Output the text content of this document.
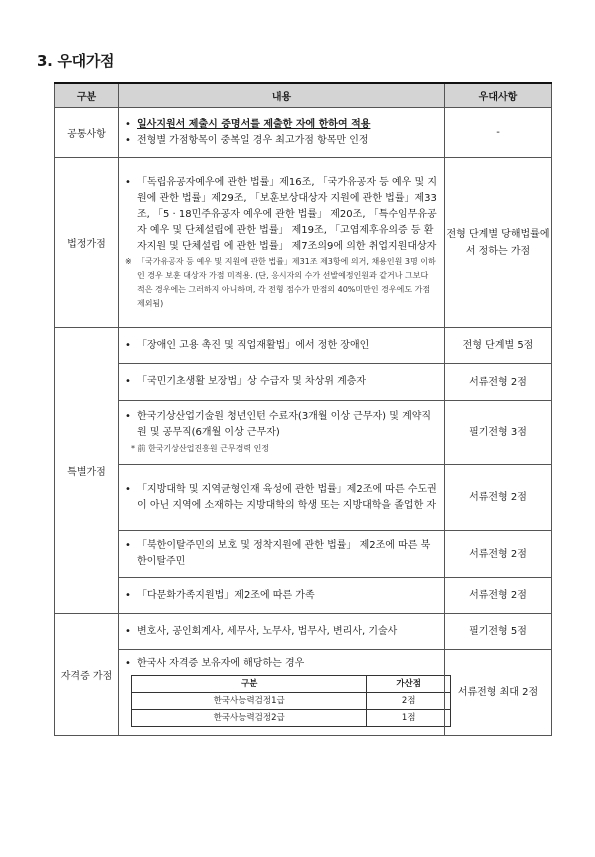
3. 우대가점
구분	내용	우대사항
공통사항	
• 일사지원서 제출시 증명서를 제출한 자에 한하여 적용
• 전형별 가점항목이 중복일 경우 최고가점 항목만 인정
	-
법정가점	
• 「독립유공자예우에 관한 법률」제16조, 「국가유공자 등 예우 및 지원에 관한 법률」제29조, 「보훈보상대상자 지원에 관한 법률」제33조, 「5 · 18민주유공자 예우에 관한 법률」 제20조, 「특수임무유공자 예우 및 단체설립에 관한 법률」 제19조, 「고엽제후유의증 등 환자지원 및 단체설립 에 관한 법률」 제7조의9에 의한 취업지원대상자
※ 「국가유공자 등 예우 및 지원에 관한 법률」제31조 제3항에 의거, 채용인원 3명 이하인 경우 보훈 대상자 가점 미적용. (단, 응시자의 수가 선발예정인원과 같거나 그보다 적은 경우에는 그러하지 아니하며, 각 전형 점수가 만점의 40%미만인 경우에도 가점 제외됨)
	전형 단계별 당해법률에서 정하는 가점
특별가점	
• 「장애인 고용 촉진 및 직업재활법」에서 정한 장애인	전형 단계별 5점

• 「국민기초생활 보장법」상 수급자 및 차상위 계층자	서류전형 2점

• 한국기상산업기술원 청년인턴 수료자(3개월 이상 근무자) 및 계약직원 및 공무직(6개월 이상 근무자)
* 前 한국기상산업진흥원 근무경력 인정
	필기전형 3점

• 「지방대학 및 지역균형인재 육성에 관한 법률」제2조에 따른 수도권이 아닌 지역에 소재하는 지방대학의 학생 또는 지방대학을 졸업한 자
	서류전형 2점

• 「북한이탈주민의 보호 및 정착지원에 관한 법률」 제2조에 따른 북한이탈주민
	서류전형 2점

• 「다문화가족지원법」제2조에 따른 가족	서류전형 2점
자격증 가점	
• 변호사, 공인회계사, 세무사, 노무사, 법무사, 변리사, 기술사	필기전형 5점

• 한국사 자격증 보유자에 해당하는 경우
구분	가산점
한국사능력검정1급	2점
한국사능력검정2급	1점
	서류전형 최대 2점
